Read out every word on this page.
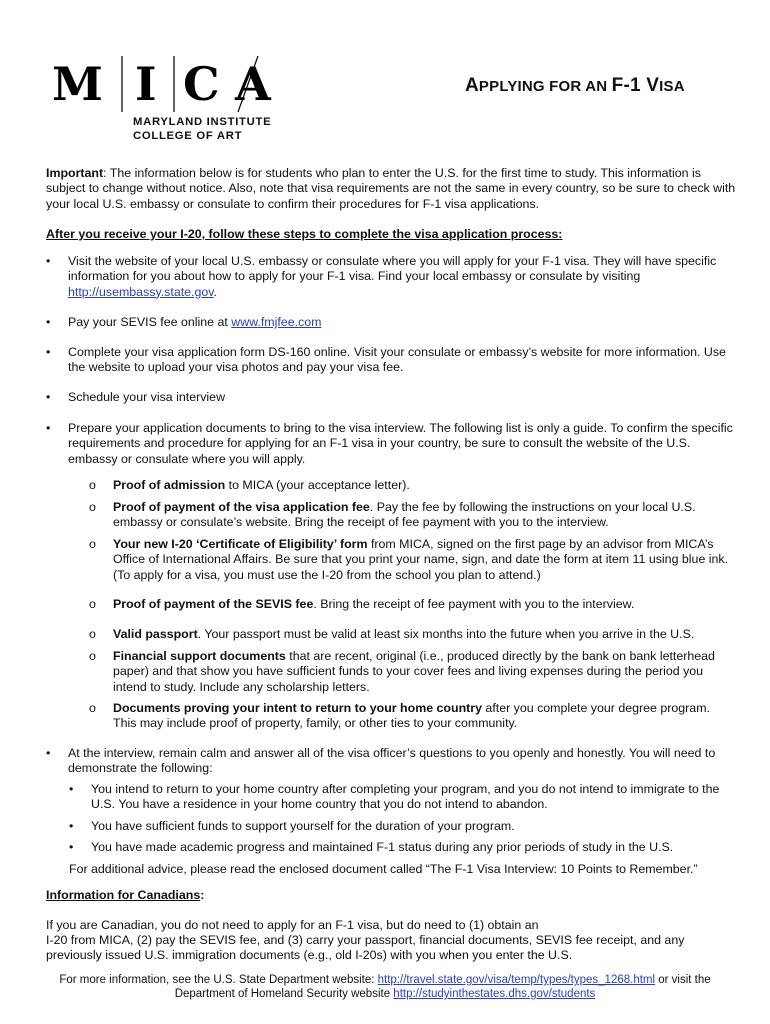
M I C A
MARYLAND INSTITUTE
COLLEGE OF ART
APPLYING FOR AN F-1 VISA
Important: The information below is for students who plan to enter the U.S. for the first time to study. This information is subject to change without notice. Also, note that visa requirements are not the same in every country, so be sure to check with your local U.S. embassy or consulate to confirm their procedures for F-1 visa applications.
After you receive your I-20, follow these steps to complete the visa application process:
• Visit the website of your local U.S. embassy or consulate where you will apply for your F-1 visa. They will have specific information for you about how to apply for your F-1 visa. Find your local embassy or consulate by visiting http://usembassy.state.gov.
• Pay your SEVIS fee online at www.fmjfee.com
• Complete your visa application form DS-160 online. Visit your consulate or embassy’s website for more information. Use the website to upload your visa photos and pay your visa fee.
• Schedule your visa interview
• Prepare your application documents to bring to the visa interview. The following list is only a guide. To confirm the specific requirements and procedure for applying for an F-1 visa in your country, be sure to consult the website of the U.S. embassy or consulate where you will apply.
o Proof of admission to MICA (your acceptance letter).
o Proof of payment of the visa application fee. Pay the fee by following the instructions on your local U.S. embassy or consulate’s website. Bring the receipt of fee payment with you to the interview.
o Your new I-20 ‘Certificate of Eligibility’ form from MICA, signed on the first page by an advisor from MICA’s Office of International Affairs. Be sure that you print your name, sign, and date the form at item 11 using blue ink. (To apply for a visa, you must use the I-20 from the school you plan to attend.)
o Proof of payment of the SEVIS fee. Bring the receipt of fee payment with you to the interview.
o Valid passport. Your passport must be valid at least six months into the future when you arrive in the U.S.
o Financial support documents that are recent, original (i.e., produced directly by the bank on bank letterhead paper) and that show you have sufficient funds to your cover fees and living expenses during the period you intend to study. Include any scholarship letters.
o Documents proving your intent to return to your home country after you complete your degree program. This may include proof of property, family, or other ties to your community.
• At the interview, remain calm and answer all of the visa officer’s questions to you openly and honestly. You will need to demonstrate the following:
• You intend to return to your home country after completing your program, and you do not intend to immigrate to the U.S. You have a residence in your home country that you do not intend to abandon.
• You have sufficient funds to support yourself for the duration of your program.
• You have made academic progress and maintained F-1 status during any prior periods of study in the U.S.
For additional advice, please read the enclosed document called “The F-1 Visa Interview: 10 Points to Remember.”
Information for Canadians:
If you are Canadian, you do not need to apply for an F-1 visa, but do need to (1) obtain an
I-20 from MICA, (2) pay the SEVIS fee, and (3) carry your passport, financial documents, SEVIS fee receipt, and any previously issued U.S. immigration documents (e.g., old I-20s) with you when you enter the U.S.
For more information, see the U.S. State Department website: http://travel.state.gov/visa/temp/types/types_1268.html or visit the Department of Homeland Security website http://studyinthestates.dhs.gov/students
